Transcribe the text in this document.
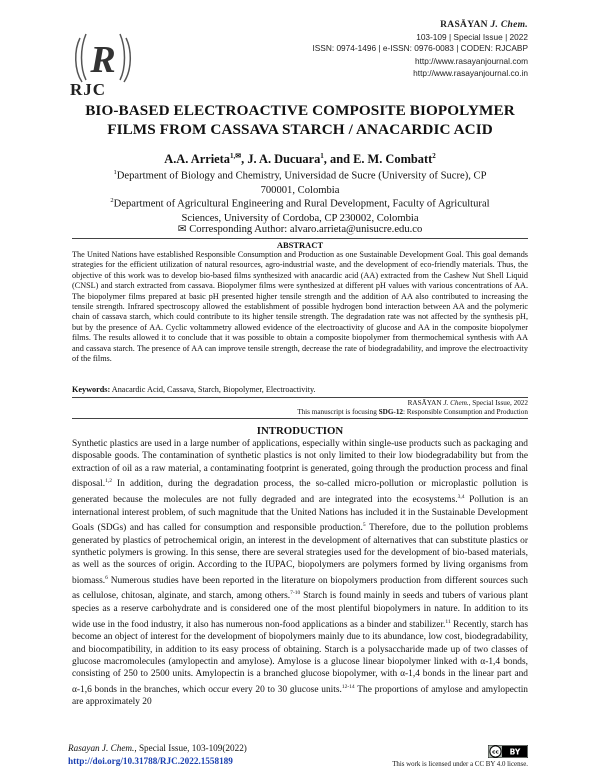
R
RJC
RASĀYAN J. Chem.
103-109 | Special Issue | 2022
ISSN: 0974-1496 | e-ISSN: 0976-0083 | CODEN: RJCABP
http://www.rasayanjournal.com
http://www.rasayanjournal.co.in
BIO-BASED ELECTROACTIVE COMPOSITE BIOPOLYMER
FILMS FROM CASSAVA STARCH / ANACARDIC ACID
A.A. Arrieta$^{1,✉}$, J. A. Ducuara$^1$, and E. M. Combatt$^2$
$^1$Department of Biology and Chemistry, Universidad de Sucre (University of Sucre), CP
700001, Colombia
$^2$Department of Agricultural Engineering and Rural Development, Faculty of Agricultural
Sciences, University of Cordoba, CP 230002, Colombia
✉ Corresponding Author: alvaro.arrieta@unisucre.edu.co
ABSTRACT
The United Nations have established Responsible Consumption and Production as one Sustainable Development Goal. This goal demands strategies for the efficient utilization of natural resources, agro-industrial waste, and the development of eco-friendly materials. Thus, the objective of this work was to develop bio-based films synthesized with anacardic acid (AA) extracted from the Cashew Nut Shell Liquid (CNSL) and starch extracted from cassava. Biopolymer films were synthesized at different pH values with various concentrations of AA. The biopolymer films prepared at basic pH presented higher tensile strength and the addition of AA also contributed to increasing the tensile strength. Infrared spectroscopy allowed the establishment of possible hydrogen bond interaction between AA and the polymeric chain of cassava starch, which could contribute to its higher tensile strength. The degradation rate was not affected by the synthesis pH, but by the presence of AA. Cyclic voltammetry allowed evidence of the electroactivity of glucose and AA in the composite biopolymer films. The results allowed it to conclude that it was possible to obtain a composite biopolymer from thermochemical synthesis with AA and cassava starch. The presence of AA can improve tensile strength, decrease the rate of biodegradability, and improve the electroactivity of the films.
Keywords: Anacardic Acid, Cassava, Starch, Biopolymer, Electroactivity.
RASĀYAN J. Chem., Special Issue, 2022
This manuscript is focusing SDG-12: Responsible Consumption and Production
INTRODUCTION
Synthetic plastics are used in a large number of applications, especially within single-use products such as packaging and disposable goods. The contamination of synthetic plastics is not only limited to their low biodegradability but from the extraction of oil as a raw material, a contaminating footprint is generated, going through the production process and final disposal.$^{1,2}$ In addition, during the degradation process, the so-called micro-pollution or microplastic pollution is generated because the molecules are not fully degraded and are integrated into the ecosystems.$^{3,4}$ Pollution is an international interest problem, of such magnitude that the United Nations has included it in the Sustainable Development Goals (SDGs) and has called for consumption and responsible production.$^5$ Therefore, due to the pollution problems generated by plastics of petrochemical origin, an interest in the development of alternatives that can substitute plastics or synthetic polymers is growing. In this sense, there are several strategies used for the development of bio-based materials, as well as the sources of origin. According to the IUPAC, biopolymers are polymers formed by living organisms from biomass.$^6$ Numerous studies have been reported in the literature on biopolymers production from different sources such as cellulose, chitosan, alginate, and starch, among others.$^{7-10}$ Starch is found mainly in seeds and tubers of various plant species as a reserve carbohydrate and is considered one of the most plentiful biopolymers in nature. In addition to its wide use in the food industry, it also has numerous non-food applications as a binder and stabilizer.$^{11}$ Recently, starch has become an object of interest for the development of biopolymers mainly due to its abundance, low cost, biodegradability, and biocompatibility, in addition to its easy process of obtaining. Starch is a polysaccharide made up of two classes of glucose macromolecules (amylopectin and amylose). Amylose is a glucose linear biopolymer linked with α-1,4 bonds, consisting of 250 to 2500 units. Amylopectin is a branched glucose biopolymer, with α-1,4 bonds in the linear part and α-1,6 bonds in the branches, which occur every 20 to 30 glucose units.$^{12-14}$ The proportions of amylose and amylopectin are approximately 20
Rasayan J. Chem., Special Issue, 103-109(2022)
http://doi.org/10.31788/RJC.2022.1558189
cc BY
This work is licensed under a CC BY 4.0 license.
